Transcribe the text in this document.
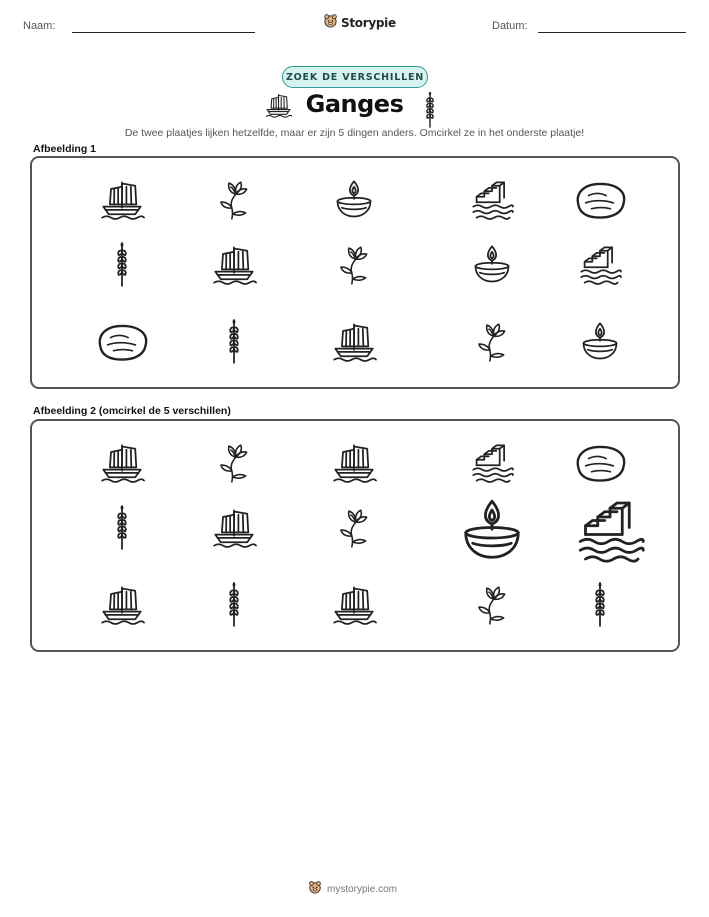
Naam:	Storypie	Datum:
ZOEK DE VERSCHILLEN
Ganges
De twee plaatjes lijken hetzelfde, maar er zijn 5 dingen anders. Omcirkel ze in het onderste plaatje!
Afbeelding 1
Afbeelding 2 (omcirkel de 5 verschillen)
mystorypie.com
